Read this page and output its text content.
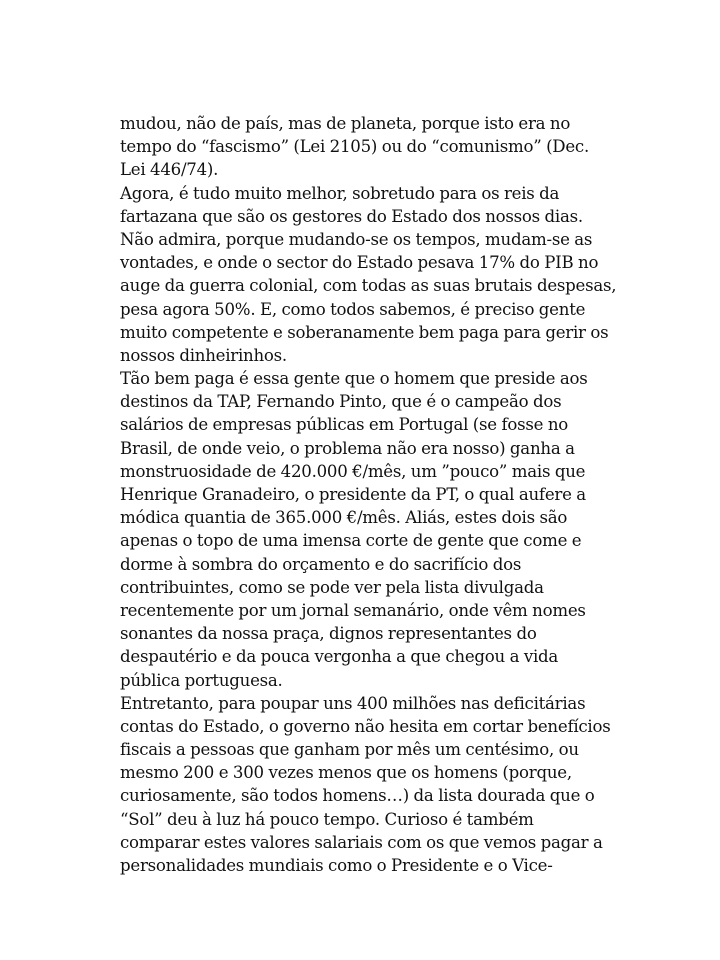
mudou, não de país, mas de planeta, porque isto era no
tempo do “fascismo” (Lei 2105) ou do “comunismo” (Dec.
Lei 446/74).
Agora, é tudo muito melhor, sobretudo para os reis da
fartazana que são os gestores do Estado dos nossos dias.
Não admira, porque mudando-se os tempos, mudam-se as
vontades, e onde o sector do Estado pesava 17% do PIB no
auge da guerra colonial, com todas as suas brutais despesas,
pesa agora 50%. E, como todos sabemos, é preciso gente
muito competente e soberanamente bem paga para gerir os
nossos dinheirinhos.
Tão bem paga é essa gente que o homem que preside aos
destinos da TAP, Fernando Pinto, que é o campeão dos
salários de empresas públicas em Portugal (se fosse no
Brasil, de onde veio, o problema não era nosso) ganha a
monstruosidade de 420.000 €/mês, um ”pouco” mais que
Henrique Granadeiro, o presidente da PT, o qual aufere a
módica quantia de 365.000 €/mês. Aliás, estes dois são
apenas o topo de uma imensa corte de gente que come e
dorme à sombra do orçamento e do sacrifício dos
contribuintes, como se pode ver pela lista divulgada
recentemente por um jornal semanário, onde vêm nomes
sonantes da nossa praça, dignos representantes do
despautério e da pouca vergonha a que chegou a vida
pública portuguesa.
Entretanto, para poupar uns 400 milhões nas deficitárias
contas do Estado, o governo não hesita em cortar benefícios
fiscais a pessoas que ganham por mês um centésimo, ou
mesmo 200 e 300 vezes menos que os homens (porque,
curiosamente, são todos homens…) da lista dourada que o
“Sol” deu à luz há pouco tempo. Curioso é também
comparar estes valores salariais com os que vemos pagar a
personalidades mundiais como o Presidente e o Vice-
